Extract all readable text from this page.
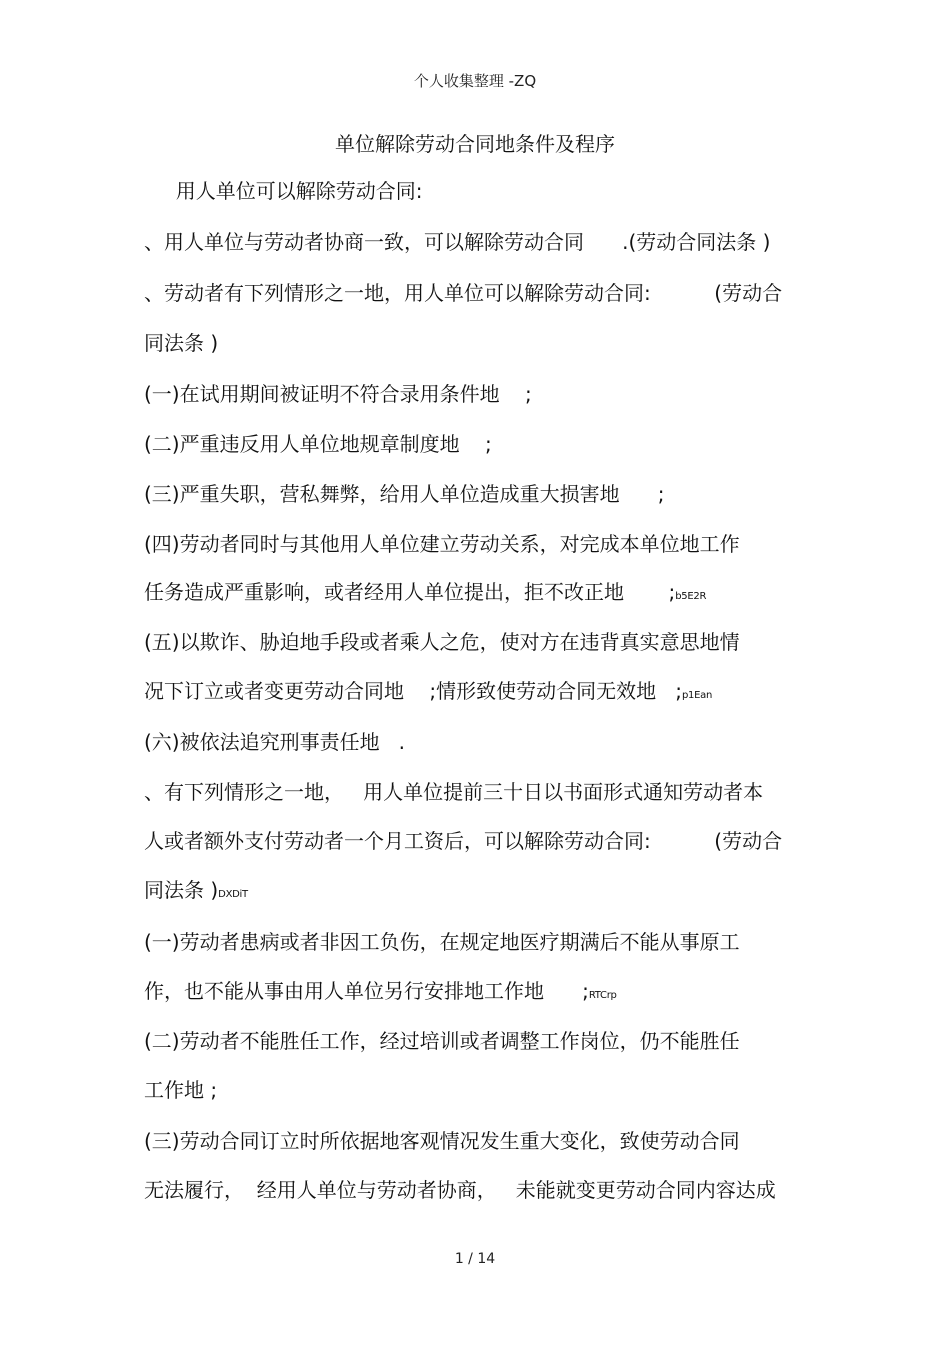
个人收集整理 -ZQ
单位解除劳动合同地条件及程序
用人单位可以解除劳动合同:
、用人单位与劳动者协商一致，可以解除劳动合同      .(劳动合同法条 )
、劳动者有下列情形之一地，用人单位可以解除劳动合同:          (劳动合
同法条 )
(一)在试用期间被证明不符合录用条件地    ;
(二)严重违反用人单位地规章制度地    ;
(三)严重失职，营私舞弊，给用人单位造成重大损害地      ;
(四)劳动者同时与其他用人单位建立劳动关系，对完成本单位地工作
任务造成严重影响，或者经用人单位提出，拒不改正地       ;b5E2R
(五)以欺诈、胁迫地手段或者乘人之危，使对方在违背真实意思地情
况下订立或者变更劳动合同地    ;情形致使劳动合同无效地   ;p1Ean
(六)被依法追究刑事责任地   .
、有下列情形之一地，   用人单位提前三十日以书面形式通知劳动者本
人或者额外支付劳动者一个月工资后，可以解除劳动合同:          (劳动合
同法条 )DXDiT
(一)劳动者患病或者非因工负伤，在规定地医疗期满后不能从事原工
作，也不能从事由用人单位另行安排地工作地      ;RTCrp
(二)劳动者不能胜任工作，经过培训或者调整工作岗位，仍不能胜任
工作地 ;
(三)劳动合同订立时所依据地客观情况发生重大变化，致使劳动合同
无法履行，  经用人单位与劳动者协商，   未能就变更劳动合同内容达成
1 / 14
